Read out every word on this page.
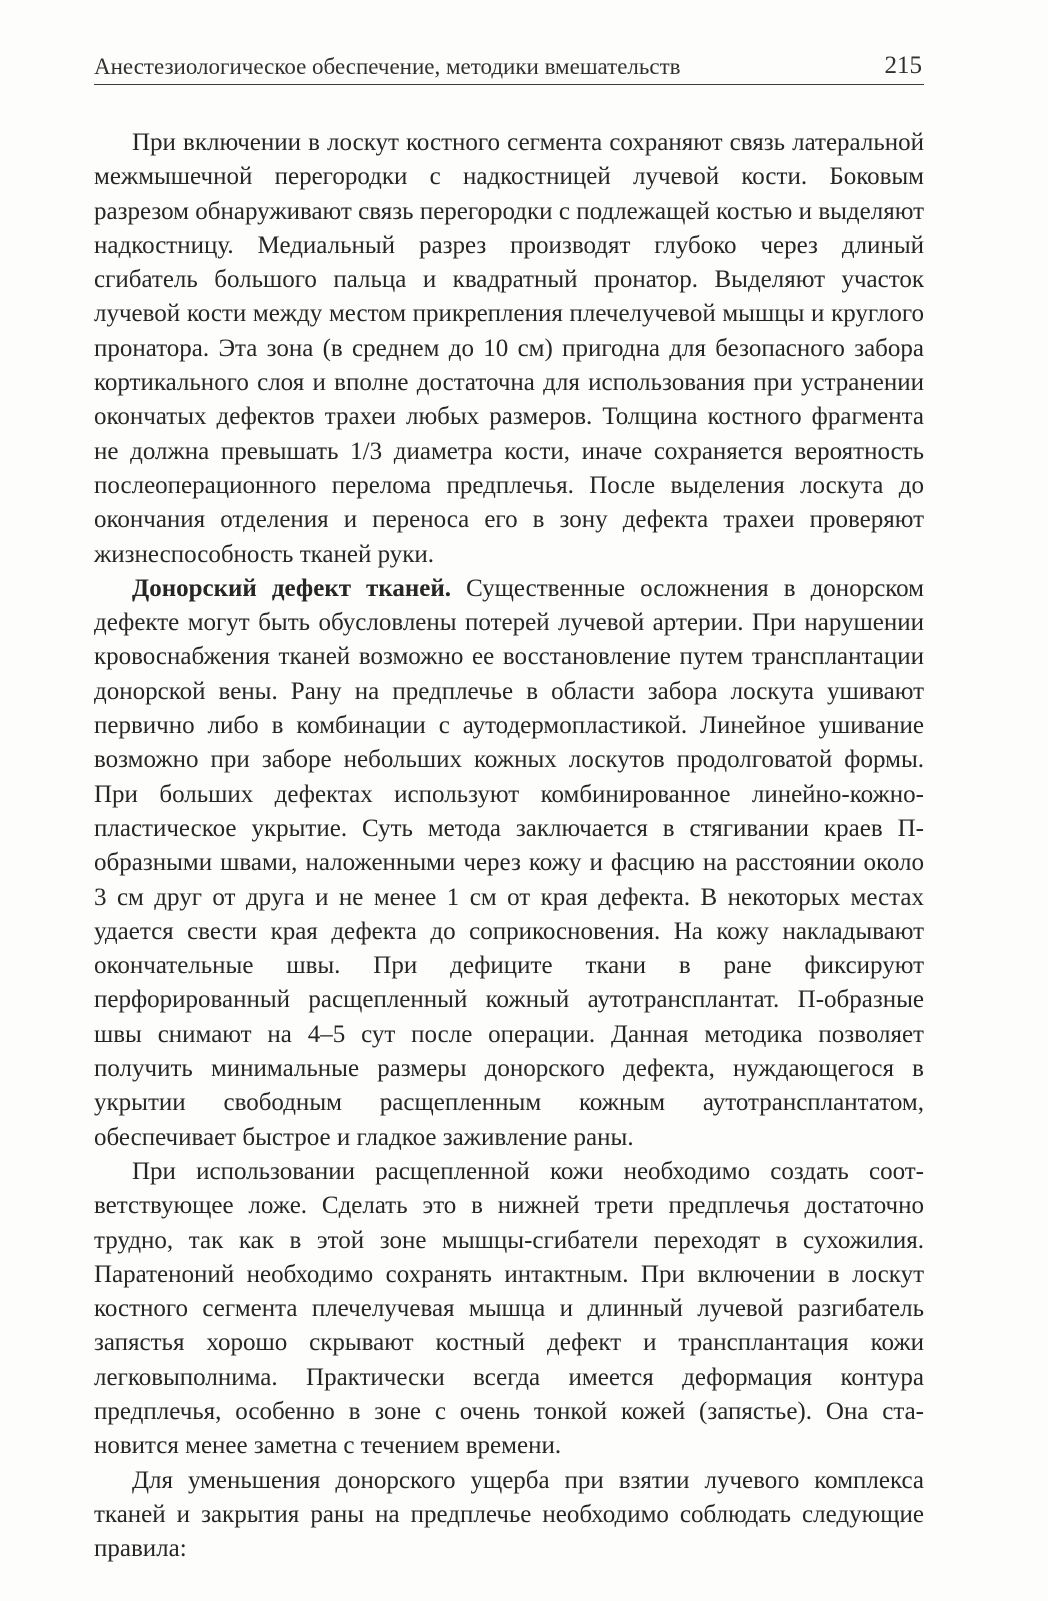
Анестезиологическое обеспечение, методики вмешательств	215

При включении в лоскут костного сегмента сохраняют связь латеральной межмышечной перегородки с надкостницей лучевой кости. Боковым разрезом обнаруживают связь перегородки с подлежащей костью и выделяют надкостницу. Медиальный разрез производят глубоко через длиный сгибатель большого пальца и квадратный пронатор. Выделяют участок лучевой кости между местом прикрепления плечелучевой мышцы и круглого пронатора. Эта зона (в среднем до 10 см) пригодна для безопасного забора кортикального слоя и вполне достаточна для использования при устранении окончатых дефектов трахеи любых размеров. Толщина костного фрагмента не должна превышать 1/3 диаметра кости, иначе сохраняется вероятность послеоперационного перелома предплечья. После выделения лоскута до окончания отделения и переноса его в зону дефекта трахеи проверяют жизнеспособность тканей руки.

Донорский дефект тканей. Существенные осложнения в донорском дефекте могут быть обусловлены потерей лучевой артерии. При нарушении кровоснабжения тканей возможно ее восстановление путем трансплантации донорской вены. Рану на предплечье в области забора лоскута ушивают первично либо в комбинации с аутодермопластикой. Линейное ушивание возможно при заборе небольших кожных лоскутов продолговатой формы. При больших дефектах используют комбинированное линейно-кожно-пластическое укрытие. Суть метода заключается в стягивании краев П-образными швами, наложенными через кожу и фасцию на расстоянии около 3 см друг от друга и не менее 1 см от края дефекта. В некоторых местах удается свести края дефекта до соприкосновения. На кожу накладывают окончательные швы. При дефиците ткани в ране фиксируют перфорированный расщепленный кожный аутотрансплантат. П-образные швы снимают на 4–5 сут после операции. Данная методика позволяет получить минимальные размеры донорского дефекта, нуждающегося в укрытии свободным расщепленным кожным аутотрансплантатом, обеспечивает быстрое и гладкое заживление раны.

При использовании расщепленной кожи необходимо создать соответствующее ложе. Сделать это в нижней трети предплечья достаточно трудно, так как в этой зоне мышцы-сгибатели переходят в сухожилия. Паратеноний необходимо сохранять интактным. При включении в лоскут костного сегмента плечелучевая мышца и длинный лучевой разгибатель запястья хорошо скрывают костный дефект и трансплантация кожи легковыполнима. Практически всегда имеется деформация контура предплечья, особенно в зоне с очень тонкой кожей (запястье). Она становится менее заметна с течением времени.

Для уменьшения донорского ущерба при взятии лучевого комплекса тканей и закрытия раны на предплечье необходимо соблюдать следующие правила:
